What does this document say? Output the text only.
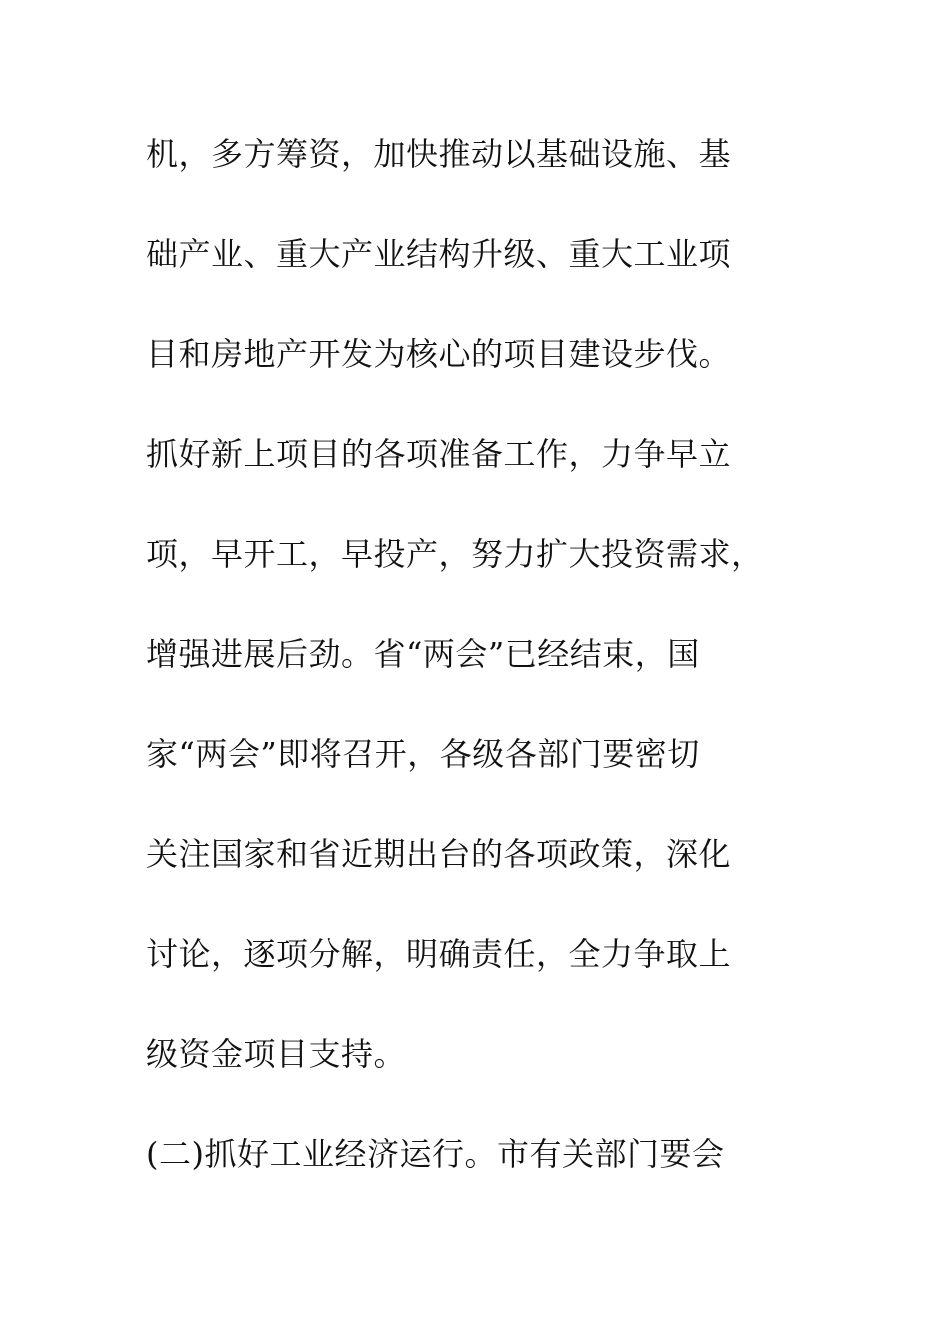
机，多方筹资，加快推动以基础设施、基
础产业、重大产业结构升级、重大工业项
目和房地产开发为核心的项目建设步伐。
抓好新上项目的各项准备工作，力争早立
项，早开工，早投产，努力扩大投资需求，
增强进展后劲。省“两会”已经结束，国
家“两会”即将召开，各级各部门要密切
关注国家和省近期出台的各项政策，深化
讨论，逐项分解，明确责任，全力争取上
级资金项目支持。
(二)抓好工业经济运行。市有关部门要会
